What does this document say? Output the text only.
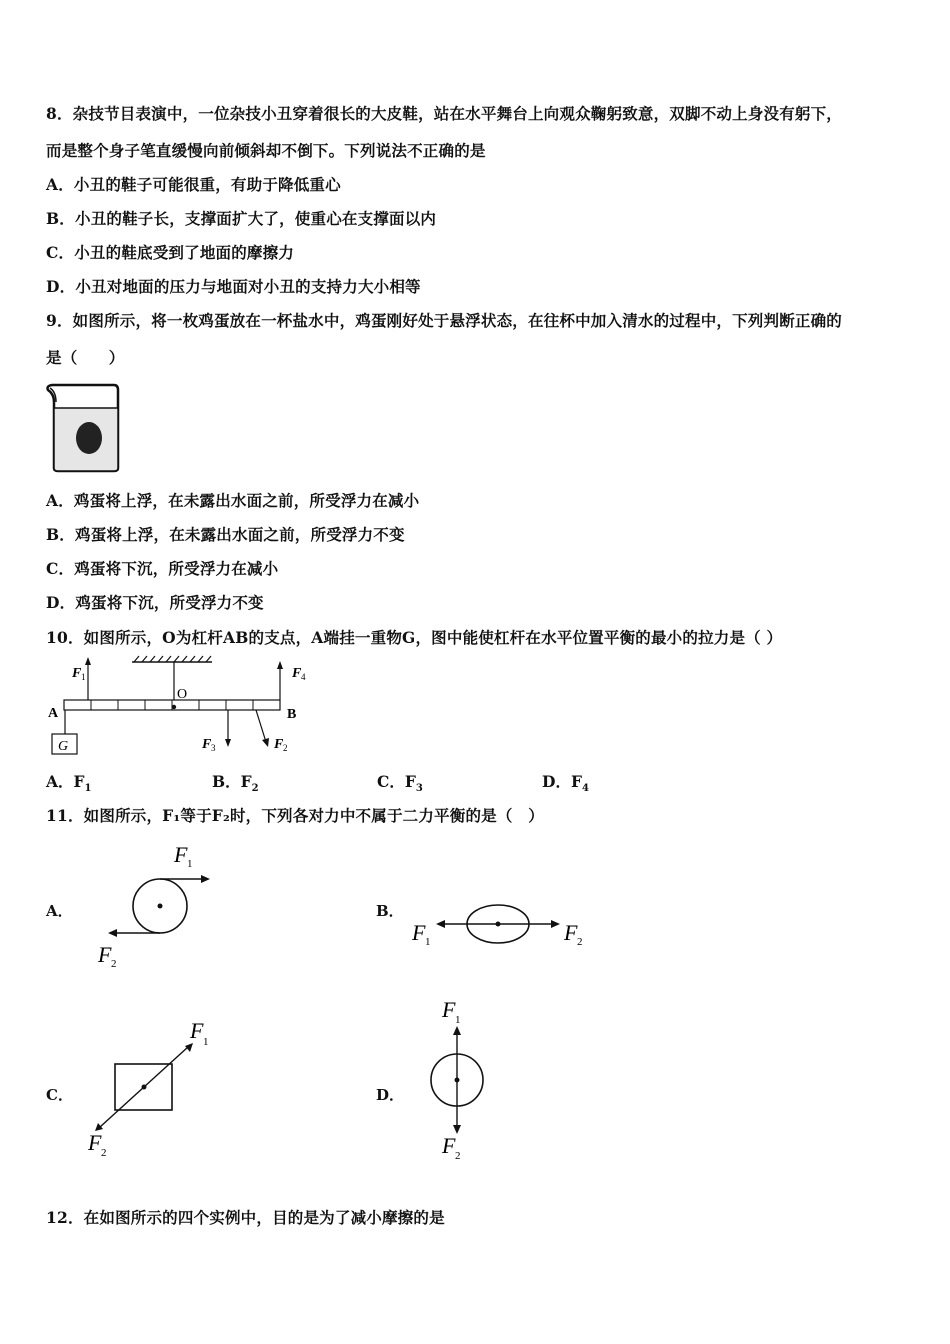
8．杂技节目表演中，一位杂技小丑穿着很长的大皮鞋，站在水平舞台上向观众鞠躬致意，双脚不动上身没有躬下，
而是整个身子笔直缓慢向前倾斜却不倒下。下列说法不正确的是
A．小丑的鞋子可能很重，有助于降低重心
B．小丑的鞋子长，支撑面扩大了，使重心在支撑面以内
C．小丑的鞋底受到了地面的摩擦力
D．小丑对地面的压力与地面对小丑的支持力大小相等
9．如图所示，将一枚鸡蛋放在一杯盐水中，鸡蛋刚好处于悬浮状态，在往杯中加入清水的过程中，下列判断正确的
是（　　）
A．鸡蛋将上浮，在未露出水面之前，所受浮力在减小
B．鸡蛋将上浮，在未露出水面之前，所受浮力不变
C．鸡蛋将下沉，所受浮力在减小
D．鸡蛋将下沉，所受浮力不变
10．如图所示，O为杠杆AB的支点，A端挂一重物G，图中能使杠杆在水平位置平衡的最小的拉力是（ ）
A	B
O
G
F 1	F 4
F 3	F 2
A．$F_1$	B．$F_2$	C．$F_3$	D．$F_4$
11．如图所示，F₁等于F₂时，下列各对力中不属于二力平衡的是（　）
A．
F 1
F 2
B．
F 1	F 2
C．
F 1
F 2
D．
F 1
F 2
12．在如图所示的四个实例中，目的是为了减小摩擦的是
